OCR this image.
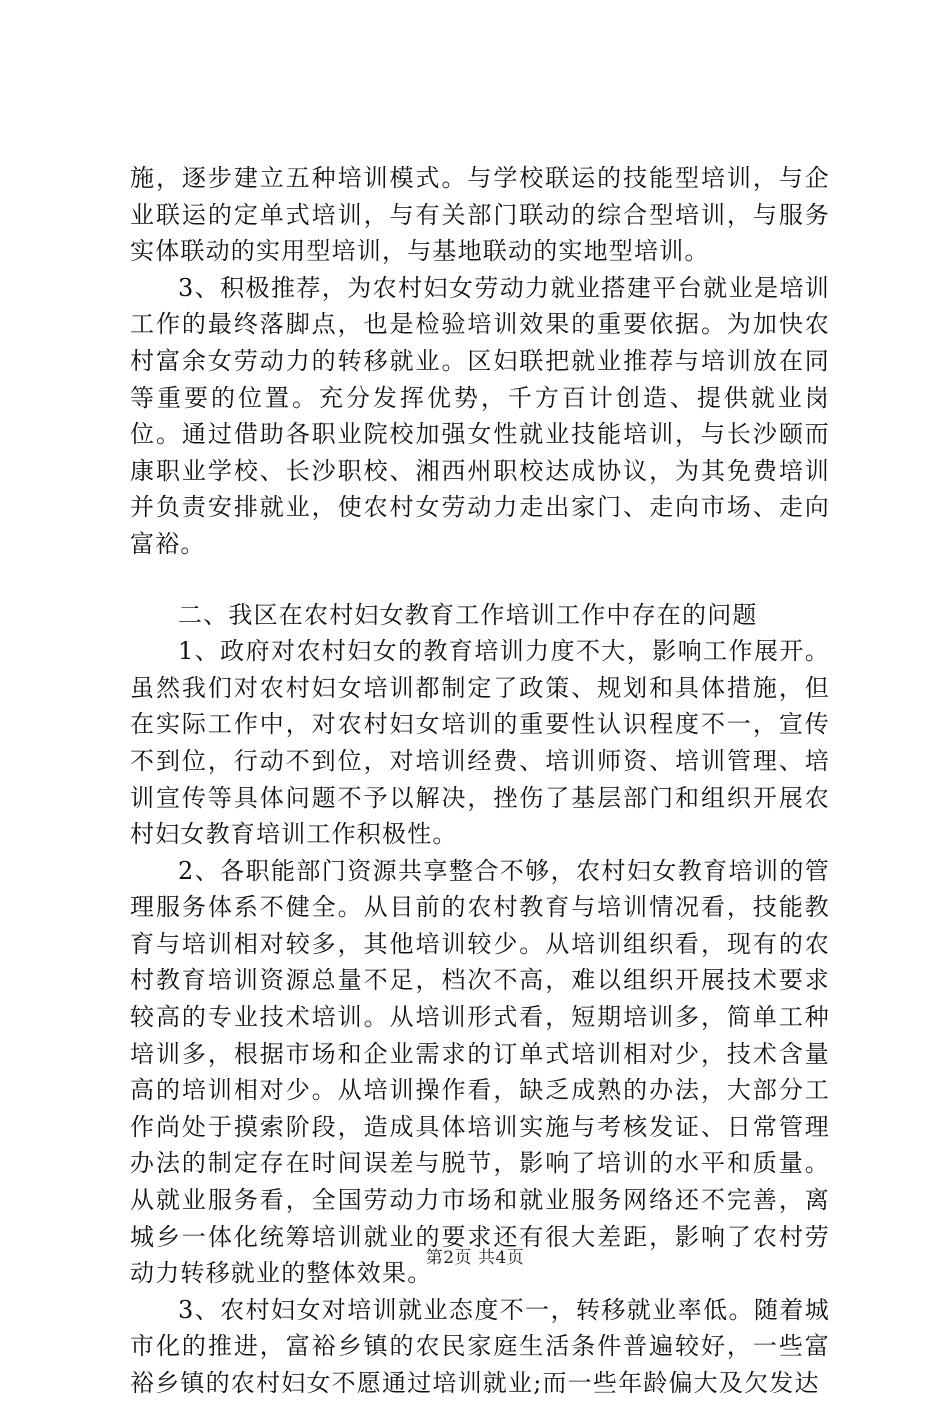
施，逐步建立五种培训模式。与学校联运的技能型培训，与企业联运的定单式培训，与有关部门联动的综合型培训，与服务实体联动的实用型培训，与基地联动的实地型培训。

3、积极推荐，为农村妇女劳动力就业搭建平台就业是培训工作的最终落脚点，也是检验培训效果的重要依据。为加快农村富余女劳动力的转移就业。区妇联把就业推荐与培训放在同等重要的位置。充分发挥优势，千方百计创造、提供就业岗位。通过借助各职业院校加强女性就业技能培训，与长沙颐而康职业学校、长沙职校、湘西州职校达成协议，为其免费培训并负责安排就业，使农村女劳动力走出家门、走向市场、走向富裕。

二、我区在农村妇女教育工作培训工作中存在的问题

1、政府对农村妇女的教育培训力度不大，影响工作展开。虽然我们对农村妇女培训都制定了政策、规划和具体措施，但在实际工作中，对农村妇女培训的重要性认识程度不一，宣传不到位，行动不到位，对培训经费、培训师资、培训管理、培训宣传等具体问题不予以解决，挫伤了基层部门和组织开展农村妇女教育培训工作积极性。

2、各职能部门资源共享整合不够，农村妇女教育培训的管理服务体系不健全。从目前的农村教育与培训情况看，技能教育与培训相对较多，其他培训较少。从培训组织看，现有的农村教育培训资源总量不足，档次不高，难以组织开展技术要求较高的专业技术培训。从培训形式看，短期培训多，简单工种培训多，根据市场和企业需求的订单式培训相对少，技术含量高的培训相对少。从培训操作看，缺乏成熟的办法，大部分工作尚处于摸索阶段，造成具体培训实施与考核发证、日常管理办法的制定存在时间误差与脱节，影响了培训的水平和质量。从就业服务看，全国劳动力市场和就业服务网络还不完善，离城乡一体化统筹培训就业的要求还有很大差距，影响了农村劳动力转移就业的整体效果。

3、农村妇女对培训就业态度不一，转移就业率低。随着城市化的推进，富裕乡镇的农民家庭生活条件普遍较好，一些富裕乡镇的农村妇女不愿通过培训就业;而一些年龄偏大及欠发达

第2页 共4页
